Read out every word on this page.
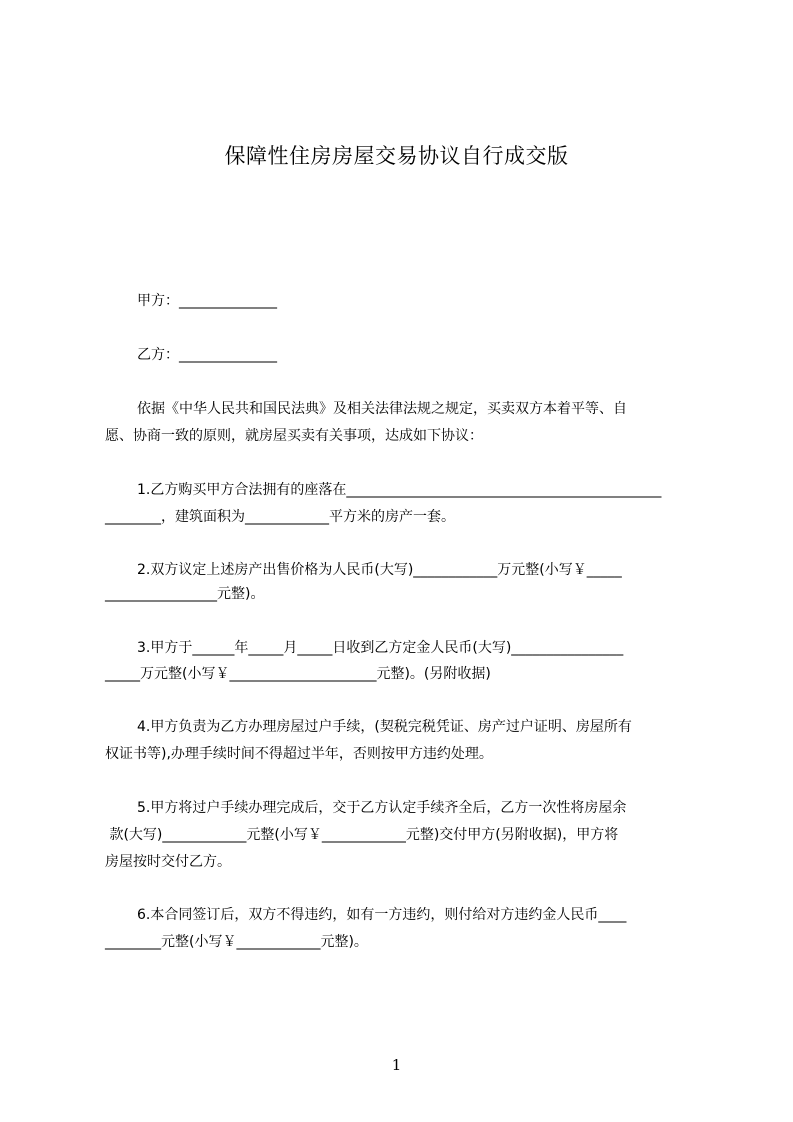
保障性住房房屋交易协议自行成交版
甲方：______________
乙方：______________
依据《中华人民共和国民法典》及相关法律法规之规定，买卖双方本着平等、自
愿、协商一致的原则，就房屋买卖有关事项，达成如下协议：
1.乙方购买甲方合法拥有的座落在_____________________________________________
________，建筑面积为____________平方米的房产一套。
2.双方议定上述房产出售价格为人民币(大写)____________万元整(小写￥_____
________________元整)。
3.甲方于______年_____月_____日收到乙方定金人民币(大写)________________
_____万元整(小写￥_____________________元整)。(另附收据)
4.甲方负责为乙方办理房屋过户手续，(契税完税凭证、房产过户证明、房屋所有
权证书等),办理手续时间不得超过半年，否则按甲方违约处理。
5.甲方将过户手续办理完成后，交于乙方认定手续齐全后，乙方一次性将房屋余
款(大写)____________元整(小写￥____________元整)交付甲方(另附收据)，甲方将
房屋按时交付乙方。
6.本合同签订后，双方不得违约，如有一方违约，则付给对方违约金人民币____
________元整(小写￥____________元整)。
1
